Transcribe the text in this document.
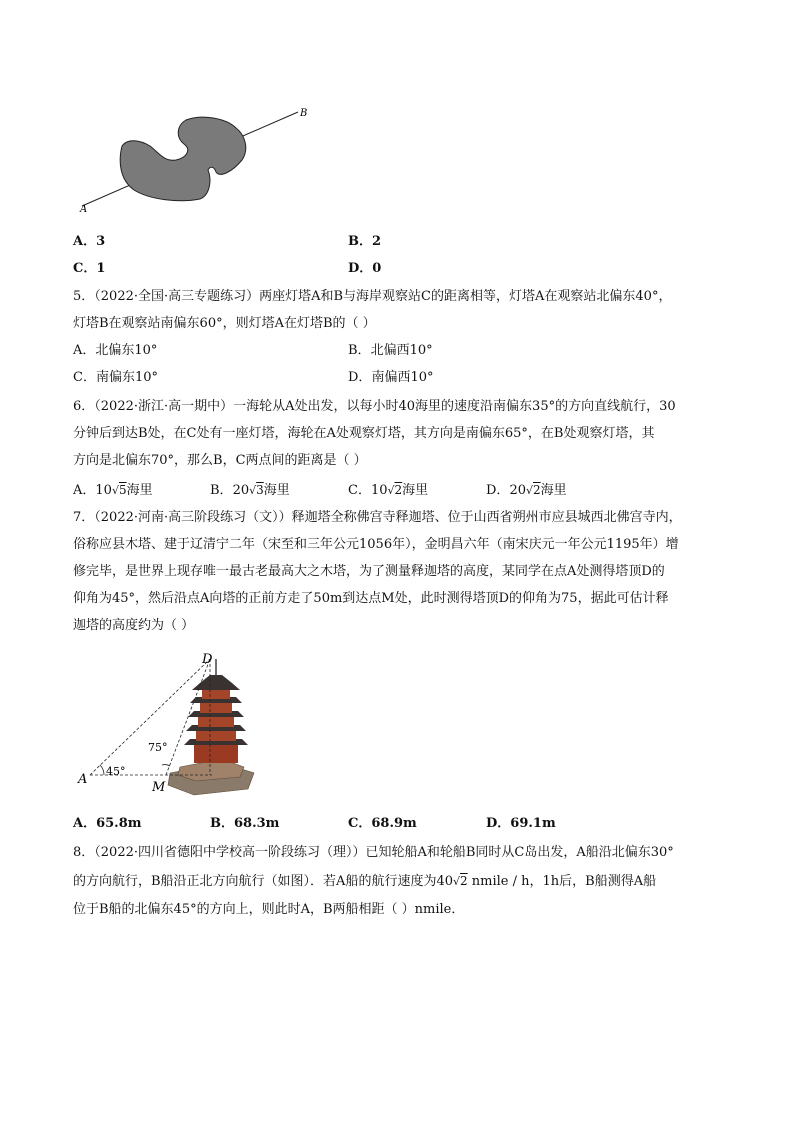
A
B
A．3	B．2
C．1	D．0
5．（2022·全国·高三专题练习）两座灯塔A和B与海岸观察站C的距离相等，灯塔A在观察站北偏东40°，
灯塔B在观察站南偏东60°，则灯塔A在灯塔B的（ ）
A．北偏东10°	B．北偏西10°
C．南偏东10°	D．南偏西10°
6．（2022·浙江·高一期中）一海轮从A处出发，以每小时40海里的速度沿南偏东35°的方向直线航行，30
分钟后到达B处，在C处有一座灯塔，海轮在A处观察灯塔，其方向是南偏东65°，在B处观察灯塔，其
方向是北偏东70°，那么B，C两点间的距离是（ ）
A．10√5海里	B．20√3海里	C．10√2海里	D．20√2海里
7．（2022·河南·高三阶段练习（文））释迦塔全称佛宫寺释迦塔、位于山西省朔州市应县城西北佛宫寺内，
俗称应县木塔、建于辽清宁二年（宋至和三年公元1056年），金明昌六年（南宋庆元一年公元1195年）增
修完毕，是世界上现存唯一最古老最高大之木塔，为了测量释迦塔的高度，某同学在点A处测得塔顶D的
仰角为45°，然后沿点A向塔的正前方走了50m到达点M处，此时测得塔顶D的仰角为75，据此可估计释
迦塔的高度约为（ ）
D
A
M
45°
75°
A．65.8m	B．68.3m	C．68.9m	D．69.1m
8．（2022·四川省德阳中学校高一阶段练习（理））已知轮船A和轮船B同时从C岛出发，A船沿北偏东30°
的方向航行，B船沿正北方向航行（如图）．若A船的航行速度为40√2 nmile / h，1h后，B船测得A船
位于B船的北偏东45°的方向上，则此时A，B两船相距（ ）nmile．
